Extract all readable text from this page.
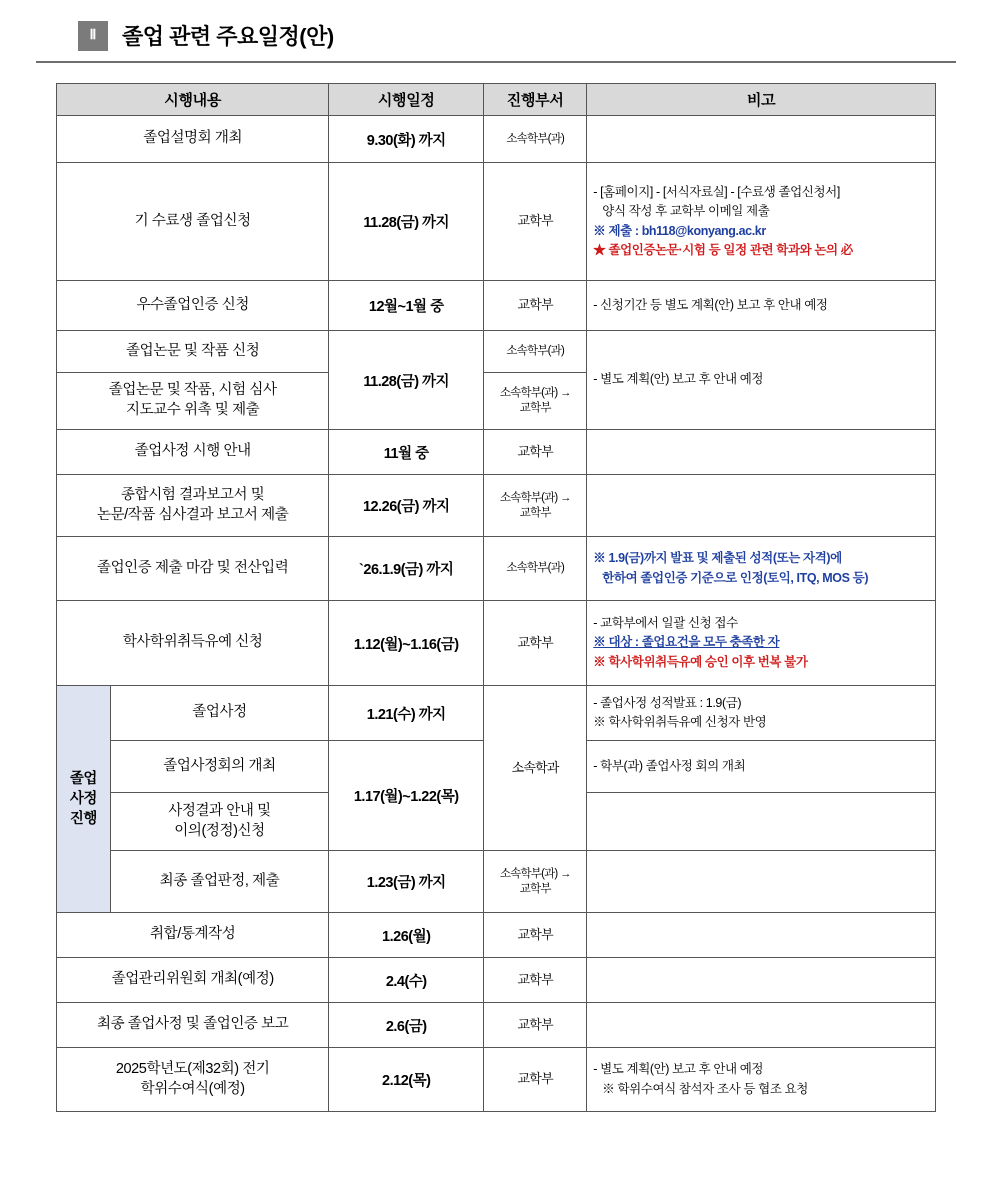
Ⅱ	졸업 관련 주요일정(안)
시행내용		시행일정	진행부서	비고
졸업설명회 개최		9.30(화) 까지	소속학부(과)	
기 수료생 졸업신청		11.28(금) 까지	교학부	- [홈페이지] - [서식자료실] - [수료생 졸업신청서]
양식 작성 후 교학부 이메일 제출
※ 제출 : bh118@konyang.ac.kr
★ 졸업인증논문·시험 등 일정 관련 학과와 논의 必

우수졸업인증 신청		12월~1월 중	교학부	- 신청기간 등 별도 계획(안) 보고 후 안내 예정

졸업논문 및 작품 신청		11.28(금) 까지	소속학부(과)	- 별도 계획(안) 보고 후 안내 예정

졸업논문 및 작품, 시험 심사
지도교수 위촉 및 제출			소속학부(과) →
교학부	

졸업사정 시행 안내		11월 중	교학부	

종합시험 결과보고서 및
논문/작품 심사결과 보고서 제출		12.26(금) 까지	소속학부(과) →
교학부	

졸업인증 제출 마감 및 전산입력		`26.1.9(금) 까지	소속학부(과)	※ 1.9(금)까지 발표 및 제출된 성적(또는 자격)에
한하여 졸업인증 기준으로 인정(토익, ITQ, MOS 등)

학사학위취득유예 신청		1.12(월)~1.16(금)	교학부	- 교학부에서 일괄 신청 접수
※ 대상 : 졸업요건을 모두 충족한 자
※ 학사학위취득유예 승인 이후 번복 불가

졸업
사정
진행	졸업사정	1.21(수) 까지	소속학과	- 졸업사정 성적발표 : 1.9(금)
※ 학사학위취득유예 신청자 반영

	졸업사정회의 개최	1.17(월)~1.22(목)		- 학부(과) 졸업사정 회의 개최

	사정결과 안내 및
이의(정정)신청			

	최종 졸업판정, 제출	1.23(금) 까지	소속학부(과) →
교학부	

취합/통계작성		1.26(월)	교학부	
졸업관리위원회 개최(예정)		2.4(수)	교학부	
최종 졸업사정 및 졸업인증 보고		2.6(금)	교학부	

2025학년도(제32회) 전기
학위수여식(예정)		2.12(목)	교학부	- 별도 계획(안) 보고 후 안내 예정
※ 학위수여식 참석자 조사 등 협조 요청
